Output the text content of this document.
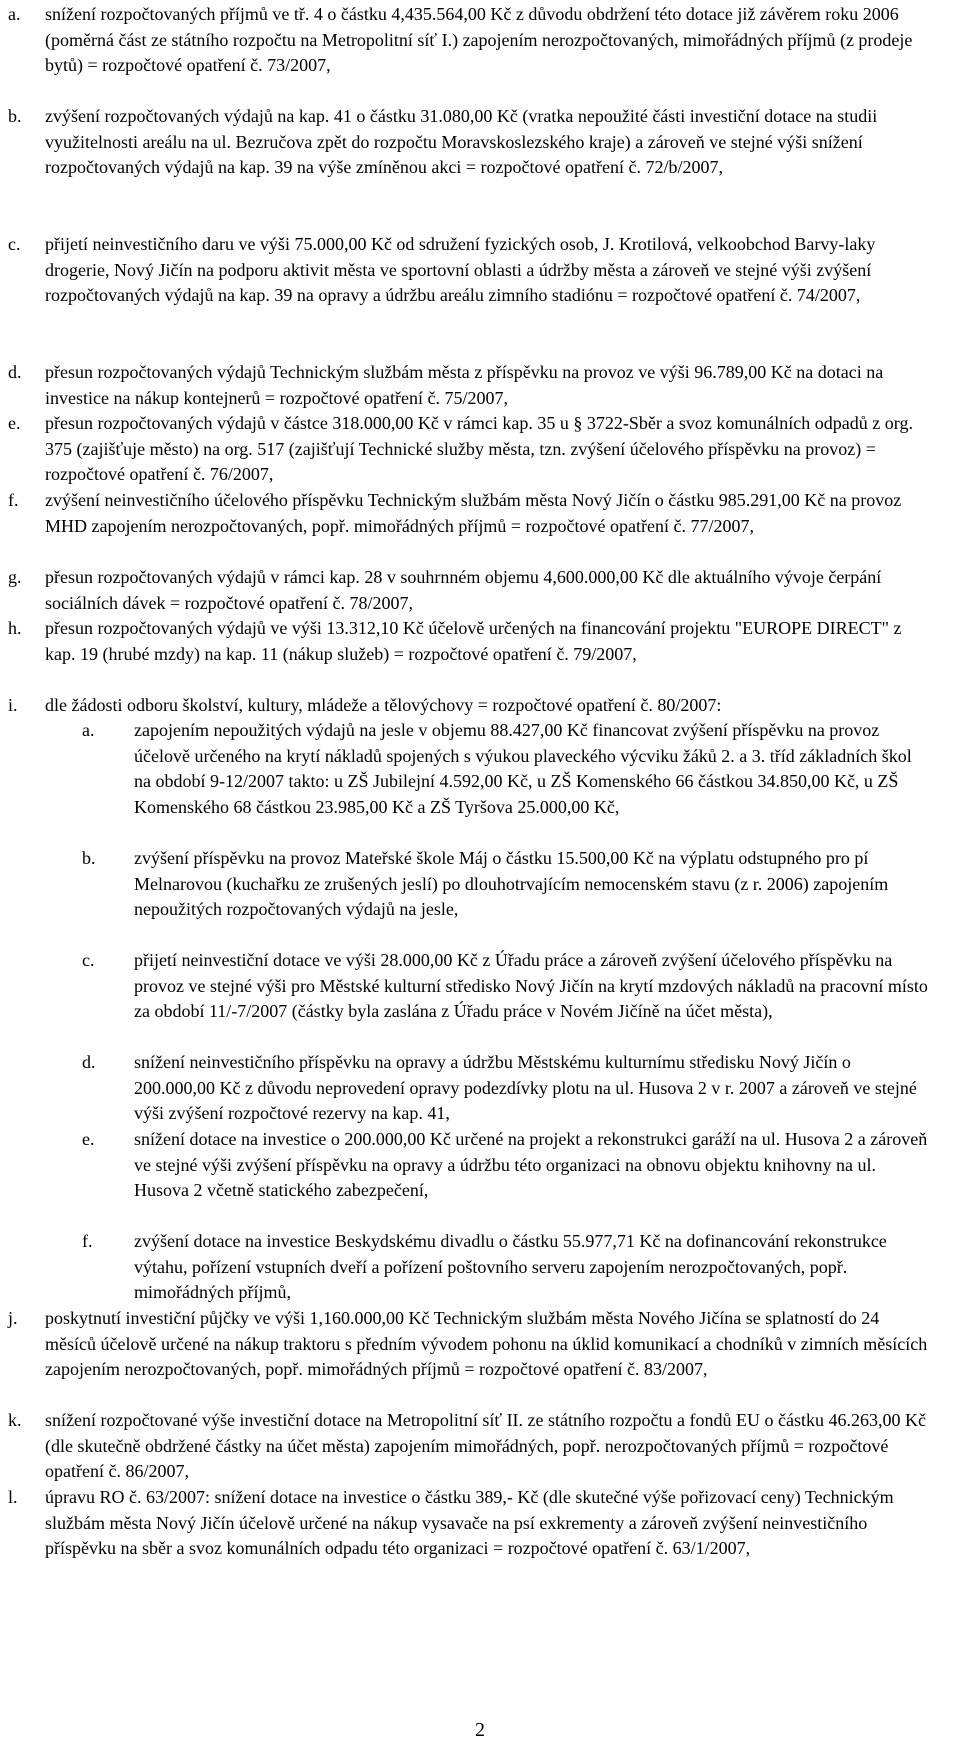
a. snížení rozpočtovaných příjmů ve tř. 4 o částku 4,435.564,00 Kč z důvodu obdržení této dotace již závěrem roku 2006 (poměrná část ze státního rozpočtu na Metropolitní síť I.) zapojením nerozpočtovaných, mimořádných příjmů (z prodeje bytů) = rozpočtové opatření č. 73/2007,
b. zvýšení rozpočtovaných výdajů na kap. 41 o částku 31.080,00 Kč (vratka nepoužité části investiční dotace na studii využitelnosti areálu na ul. Bezručova zpět do rozpočtu Moravskoslezského kraje) a zároveň ve stejné výši snížení rozpočtovaných výdajů na kap. 39 na výše zmíněnou akci = rozpočtové opatření č. 72/b/2007,
c. přijetí neinvestičního daru ve výši 75.000,00 Kč od sdružení fyzických osob, J. Krotilová, velkoobchod Barvy-laky drogerie, Nový Jičín na podporu aktivit města ve sportovní oblasti a údržby města a zároveň ve stejné výši zvýšení rozpočtovaných výdajů na kap. 39 na opravy a údržbu areálu zimního stadiónu = rozpočtové opatření č. 74/2007,
d. přesun rozpočtovaných výdajů Technickým službám města z příspěvku na provoz ve výši 96.789,00 Kč na dotaci na investice na nákup kontejnerů = rozpočtové opatření č. 75/2007,
e. přesun rozpočtovaných výdajů v částce 318.000,00 Kč v rámci kap. 35 u § 3722-Sběr a svoz komunálních odpadů z org. 375 (zajišťuje město) na org. 517 (zajišťují Technické služby města, tzn. zvýšení účelového příspěvku na provoz) = rozpočtové opatření č. 76/2007,
f. zvýšení neinvestičního účelového příspěvku Technickým službám města Nový Jičín o částku 985.291,00 Kč na provoz MHD zapojením nerozpočtovaných, popř. mimořádných příjmů = rozpočtové opatření č. 77/2007,
g. přesun rozpočtovaných výdajů v rámci kap. 28 v souhrnném objemu 4,600.000,00 Kč dle aktuálního vývoje čerpání sociálních dávek = rozpočtové opatření č. 78/2007,
h. přesun rozpočtovaných výdajů ve výši 13.312,10 Kč účelově určených na financování projektu "EUROPE DIRECT" z kap. 19 (hrubé mzdy) na kap. 11 (nákup služeb) = rozpočtové opatření č. 79/2007,
i. dle žádosti odboru školství, kultury, mládeže a tělovýchovy = rozpočtové opatření č. 80/2007:
a. zapojením nepoužitých výdajů na jesle v objemu 88.427,00 Kč financovat zvýšení příspěvku na provoz účelově určeného na krytí nákladů spojených s výukou plaveckého výcviku žáků 2. a 3. tříd základních škol na období 9-12/2007 takto: u ZŠ Jubilejní 4.592,00 Kč, u ZŠ Komenského 66 částkou 34.850,00 Kč, u ZŠ Komenského 68 částkou 23.985,00 Kč a ZŠ Tyršova 25.000,00 Kč,
b. zvýšení příspěvku na provoz Mateřské škole Máj o částku 15.500,00 Kč na výplatu odstupného pro pí Melnarovou (kuchařku ze zrušených jeslí) po dlouhotrvajícím nemocenském stavu (z r. 2006) zapojením nepoužitých rozpočtovaných výdajů na jesle,
c. přijetí neinvestiční dotace ve výši 28.000,00 Kč z Úřadu práce a zároveň zvýšení účelového příspěvku na provoz ve stejné výši pro Městské kulturní středisko Nový Jičín na krytí mzdových nákladů na pracovní místo za období 11/-7/2007 (částky byla zaslána z Úřadu práce v Novém Jičíně na účet města),
d. snížení neinvestičního příspěvku na opravy a údržbu Městskému kulturnímu středisku Nový Jičín o 200.000,00 Kč z důvodu neprovedení opravy podezdívky plotu na ul. Husova 2 v r. 2007 a zároveň ve stejné výši zvýšení rozpočtové rezervy na kap. 41,
e. snížení dotace na investice o 200.000,00 Kč určené na projekt a rekonstrukci garáží na ul. Husova 2 a zároveň ve stejné výši zvýšení příspěvku na opravy a údržbu této organizaci na obnovu objektu knihovny na ul. Husova 2 včetně statického zabezpečení,
f. zvýšení dotace na investice Beskydskému divadlu o částku 55.977,71 Kč na dofinancování rekonstrukce výtahu, pořízení vstupních dveří a pořízení poštovního serveru zapojením nerozpočtovaných, popř. mimořádných příjmů,
j. poskytnutí investiční půjčky ve výši 1,160.000,00 Kč Technickým službám města Nového Jičína se splatností do 24 měsíců účelově určené na nákup traktoru s předním vývodem pohonu na úklid komunikací a chodníků v zimních měsících zapojením nerozpočtovaných, popř. mimořádných příjmů = rozpočtové opatření č. 83/2007,
k. snížení rozpočtované výše investiční dotace na Metropolitní síť II. ze státního rozpočtu a fondů EU o částku 46.263,00 Kč (dle skutečně obdržené částky na účet města) zapojením mimořádných, popř. nerozpočtovaných příjmů = rozpočtové opatření č. 86/2007,
l. úpravu RO č. 63/2007: snížení dotace na investice o částku 389,- Kč (dle skutečné výše pořizovací ceny) Technickým službám města Nový Jičín účelově určené na nákup vysavače na psí exkrementy a zároveň zvýšení neinvestičního příspěvku na sběr a svoz komunálních odpadu této organizaci = rozpočtové opatření č. 63/1/2007,
2
